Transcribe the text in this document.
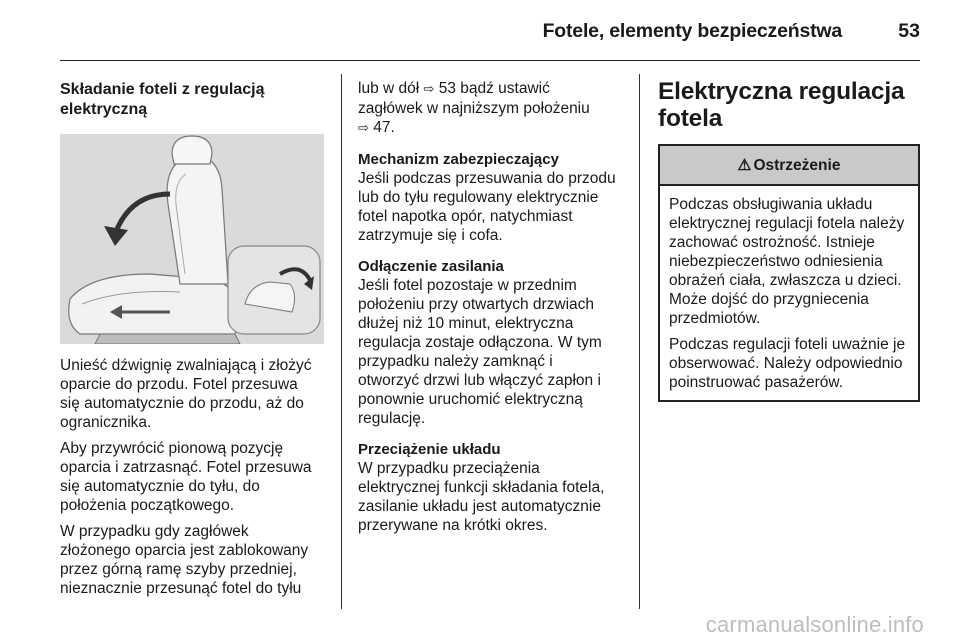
Fotele, elementy bezpieczeństwa	53
Składanie foteli z regulacją
elektryczną

Unieść dźwignię zwalniającą i złożyć
oparcie do przodu. Fotel przesuwa
się automatycznie do przodu, aż do
ogranicznika.

Aby przywrócić pionową pozycję
oparcia i zatrzasnąć. Fotel przesuwa
się automatycznie do tyłu, do
położenia początkowego.

W przypadku gdy zagłówek
złożonego oparcia jest zablokowany
przez górną ramę szyby przedniej,
nieznacznie przesunąć fotel do tyłu

lub w dół ⇨ 53 bądź ustawić
zagłówek w najniższym położeniu
⇨ 47.

Mechanizm zabezpieczający

Jeśli podczas przesuwania do przodu
lub do tyłu regulowany elektrycznie
fotel napotka opór, natychmiast
zatrzymuje się i cofa.

Odłączenie zasilania

Jeśli fotel pozostaje w przednim
położeniu przy otwartych drzwiach
dłużej niż 10 minut, elektryczna
regulacja zostaje odłączona. W tym
przypadku należy zamknąć i
otworzyć drzwi lub włączyć zapłon i
ponownie uruchomić elektryczną
regulację.

Przeciążenie układu

W przypadku przeciążenia
elektrycznej funkcji składania fotela,
zasilanie układu jest automatycznie
przerywane na krótki okres.

Elektryczna regulacja
fotela
⚠ Ostrzeżenie

Podczas obsługiwania układu
elektrycznej regulacji fotela należy
zachować ostrożność. Istnieje
niebezpieczeństwo odniesienia
obrażeń ciała, zwłaszcza u dzieci.
Może dojść do przygniecenia
przedmiotów.

Podczas regulacji foteli uważnie je
obserwować. Należy odpowiednio
poinstruować pasażerów.

carmanualsonline.info
